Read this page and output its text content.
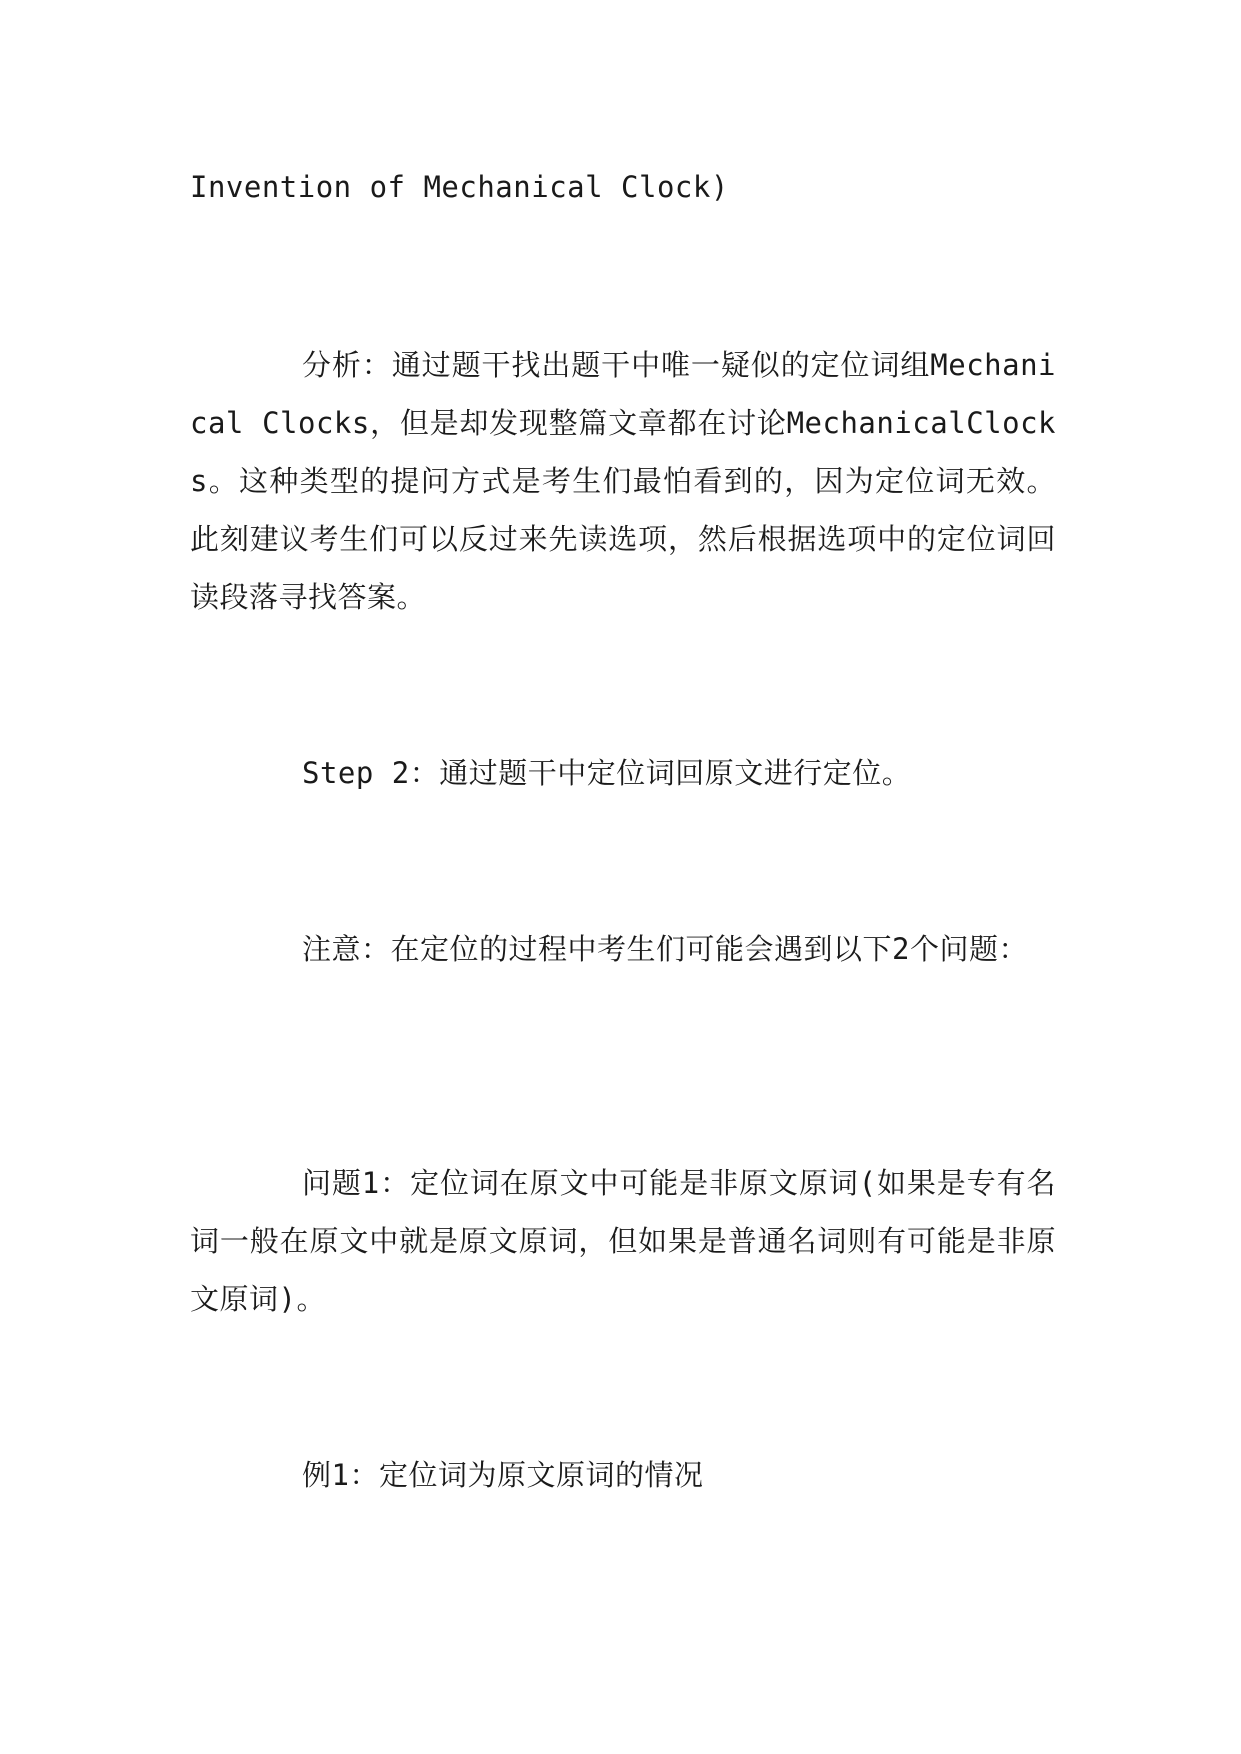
Invention of Mechanical Clock)
分析：通过题干找出题干中唯一疑似的定位词组Mechanical Clocks，但是却发现整篇文章都在讨论MechanicalClocks。这种类型的提问方式是考生们最怕看到的，因为定位词无效。此刻建议考生们可以反过来先读选项，然后根据选项中的定位词回读段落寻找答案。
Step 2：通过题干中定位词回原文进行定位。
注意：在定位的过程中考生们可能会遇到以下2个问题：
问题1：定位词在原文中可能是非原文原词(如果是专有名词一般在原文中就是原文原词，但如果是普通名词则有可能是非原文原词)。
例1：定位词为原文原词的情况
